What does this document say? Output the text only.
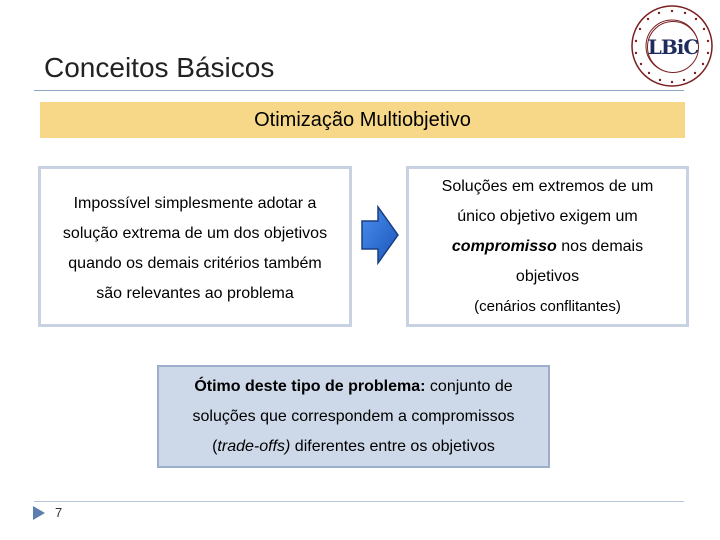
Conceitos Básicos
LBiC
Otimização Multiobjetivo
Impossível simplesmente adotar a
solução extrema de um dos objetivos
quando os demais critérios também
são relevantes ao problema
Soluções em extremos de um
único objetivo exigem um
compromisso nos demais
objetivos
(cenários conflitantes)
Ótimo deste tipo de problema: conjunto de
soluções que correspondem a compromissos
(trade-offs) diferentes entre os objetivos
7
